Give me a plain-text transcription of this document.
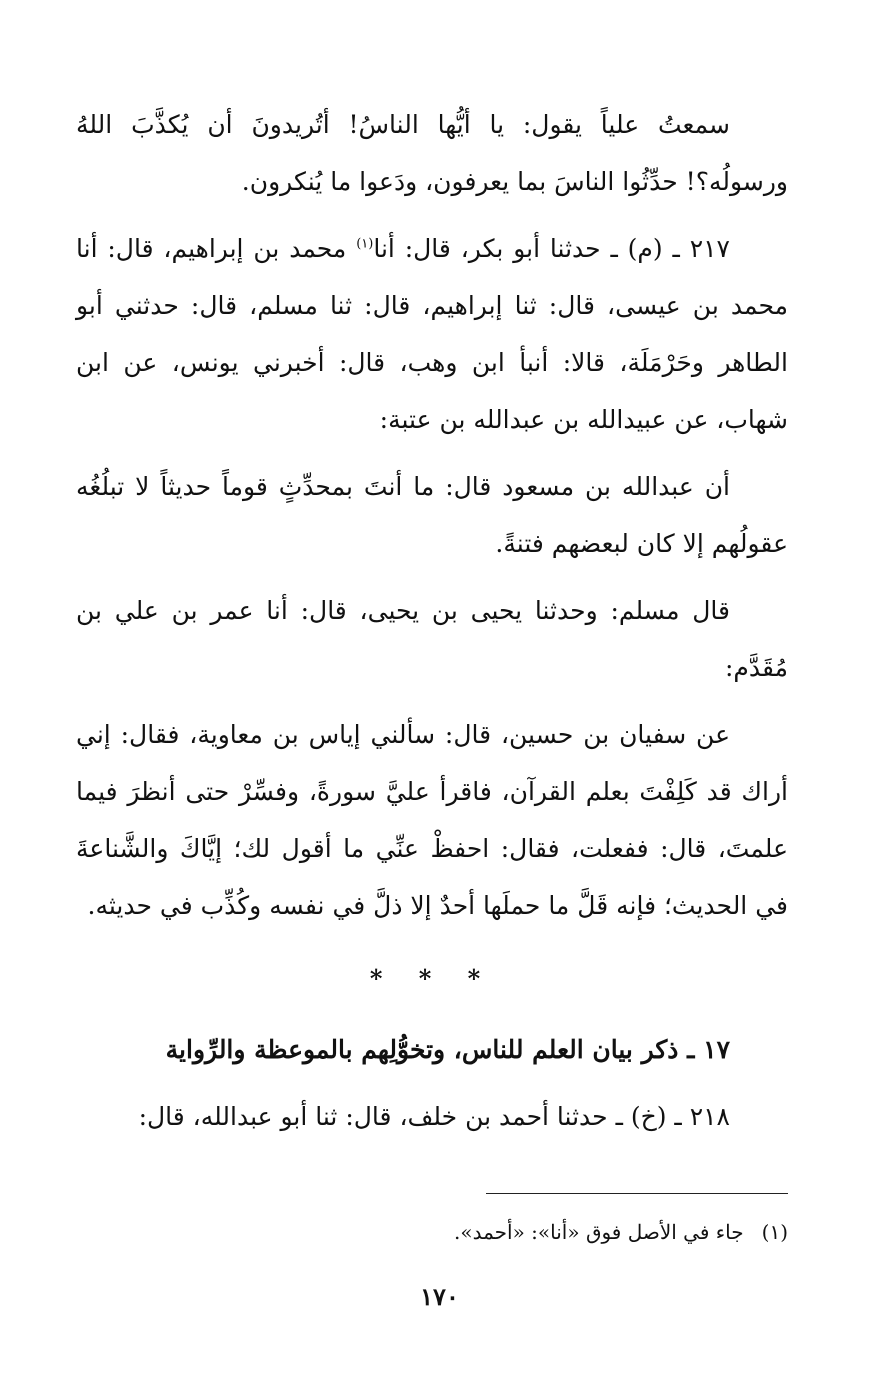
سمعتُ علياً يقول: يا أيُّها الناسُ! أتُريدونَ أن يُكذَّبَ اللهُ ورسولُه؟! حدِّثُوا الناسَ بما يعرفون، ودَعوا ما يُنكرون.

٢١٧ ـ (م) ـ حدثنا أبو بكر، قال: أنا$^{(١)}$ محمد بن إبراهيم، قال: أنا محمد بن عيسى، قال: ثنا إبراهيم، قال: ثنا مسلم، قال: حدثني أبو الطاهر وحَرْمَلَة، قالا: أنبأ ابن وهب، قال: أخبرني يونس، عن ابن شهاب، عن عبيدالله بن عبدالله بن عتبة:

أن عبدالله بن مسعود قال: ما أنتَ بمحدِّثٍ قوماً حديثاً لا تبلُغُه عقولُهم إلا كان لبعضهم فتنةً.

قال مسلم: وحدثنا يحيى بن يحيى، قال: أنا عمر بن علي بن مُقَدَّم:

عن سفيان بن حسين، قال: سألني إياس بن معاوية، فقال: إني أراك قد كَلِفْتَ بعلم القرآن، فاقرأ عليَّ سورةً، وفسِّرْ حتى أنظرَ فيما علمتَ، قال: ففعلت، فقال: احفظْ عنِّي ما أقول لك؛ إيَّاكَ والشَّناعةَ في الحديث؛ فإنه قَلَّ ما حملَها أحدٌ إلا ذلَّ في نفسه وكُذِّب في حديثه.

* * *
١٧ ـ ذكر بيان العلم للناس، وتخوُّلِهم بالموعظة والرِّواية

٢١٨ ـ (خ) ـ حدثنا أحمد بن خلف، قال: ثنا أبو عبدالله، قال:

(١)جاء في الأصل فوق «أنا»: «أحمد».
١٧٠
